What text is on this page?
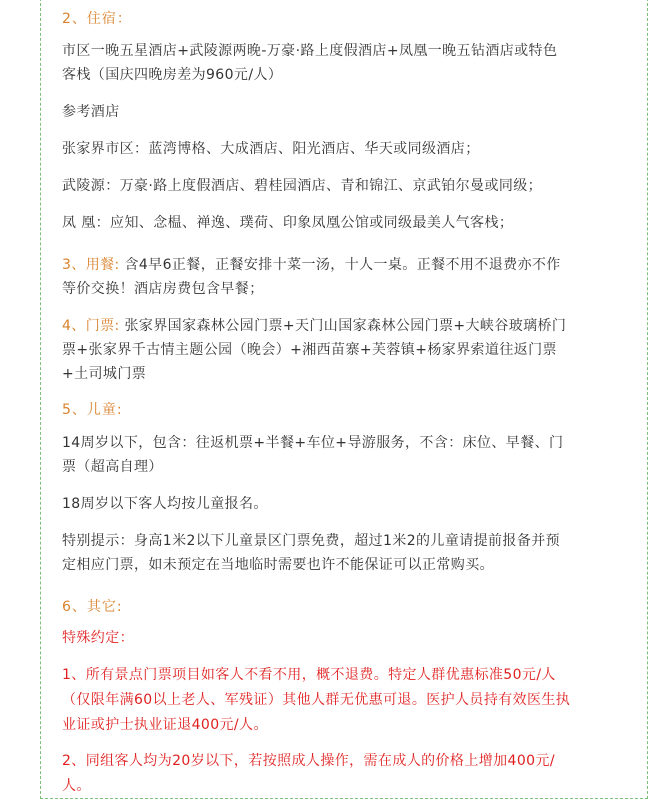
2、住宿：
市区一晚五星酒店+武陵源两晚-万豪·路上度假酒店+凤凰一晚五钻酒店或特色
客栈（国庆四晚房差为960元/人）
参考酒店
张家界市区：蓝湾博格、大成酒店、阳光酒店、华天或同级酒店；
武陵源：万豪·路上度假酒店、碧桂园酒店、青和锦江、京武铂尔曼或同级；
凤 凰：应知、念榅、禅逸、璞荷、印象凤凰公馆或同级最美人气客栈；
3、用餐: 含4早6正餐，正餐安排十菜一汤，十人一桌。正餐不用不退费亦不作
等价交换！酒店房费包含早餐；
4、门票: 张家界国家森林公园门票+天门山国家森林公园门票+大峡谷玻璃桥门
票+张家界千古情主题公园（晚会）+湘西苗寨+芙蓉镇+杨家界索道往返门票
+土司城门票
5、儿童:
14周岁以下，包含：往返机票+半餐+车位+导游服务，不含：床位、早餐、门
票（超高自理）
18周岁以下客人均按儿童报名。
特别提示：身高1米2以下儿童景区门票免费，超过1米2的儿童请提前报备并预
定相应门票，如未预定在当地临时需要也许不能保证可以正常购买。
6、其它:
特殊约定：
1、所有景点门票项目如客人不看不用，概不退费。特定人群优惠标准50元/人
（仅限年满60以上老人、军残证）其他人群无优惠可退。医护人员持有效医生执
业证或护士执业证退400元/人。
2、同组客人均为20岁以下，若按照成人操作，需在成人的价格上增加400元/
人。
